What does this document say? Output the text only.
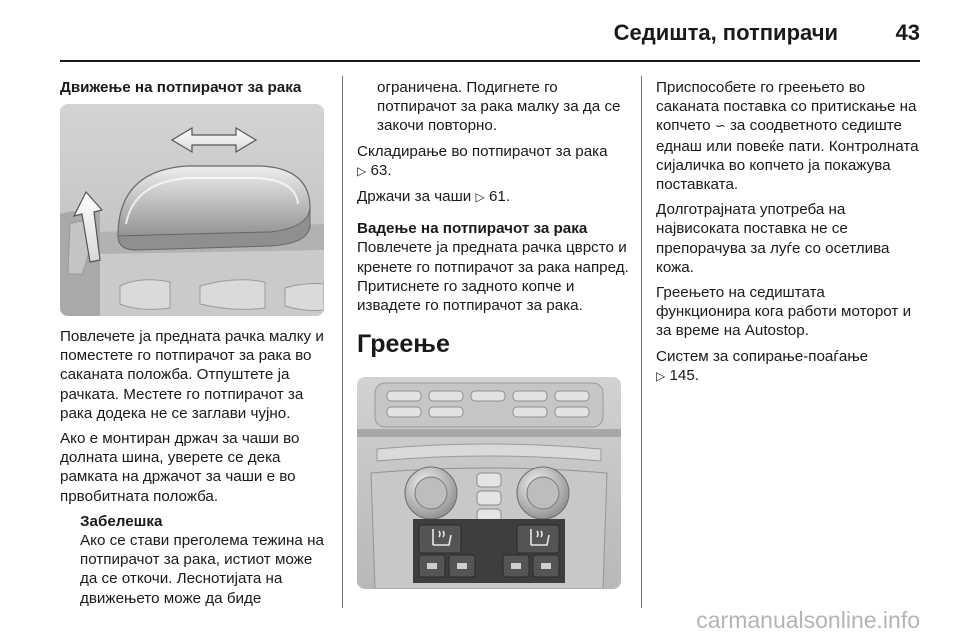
Седишта, потпирачи	43
Движење на потпирачот за рака

Повлечете ја предната рачка малку и поместете го потпирачот за рака во саканата положба. Отпуштете ја рачката. Местете го потпирачот за рака додека не се заглави чујно.

Ако е монтиран држач за чаши во долната шина, уверете се дека рамката на држачот за чаши е во првобитната положба.

Забелешка
Ако се стави преголема тежина на потпирачот за рака, истиот може да се откочи. Леснотијата на движењето може да биде

ограничена. Подигнете го потпирачот за рака малку за да се закочи повторно.

Складирање во потпирачот за рака
▷ 63.

Држачи за чаши ▷ 61.

Вадење на потпирачот за рака

Повлечете ја предната рачка цврсто и кренете го потпирачот за рака напред. Притиснете го задното копче и извадете го потпирачот за рака.

Греење

Приспособете го греењето во саканата поставка со притискање на копчето ∽ за соодветното седиште еднаш или повеќе пати. Контролната сијаличка во копчето ја покажува поставката.

Долготрајната употреба на највисоката поставка не се препорачува за луѓе со осетлива кожа.

Греењето на седиштата функционира кога работи моторот и за време на Autostop.

Систем за сопирање-поаѓање
▷ 145.

carmanualsonline.info
